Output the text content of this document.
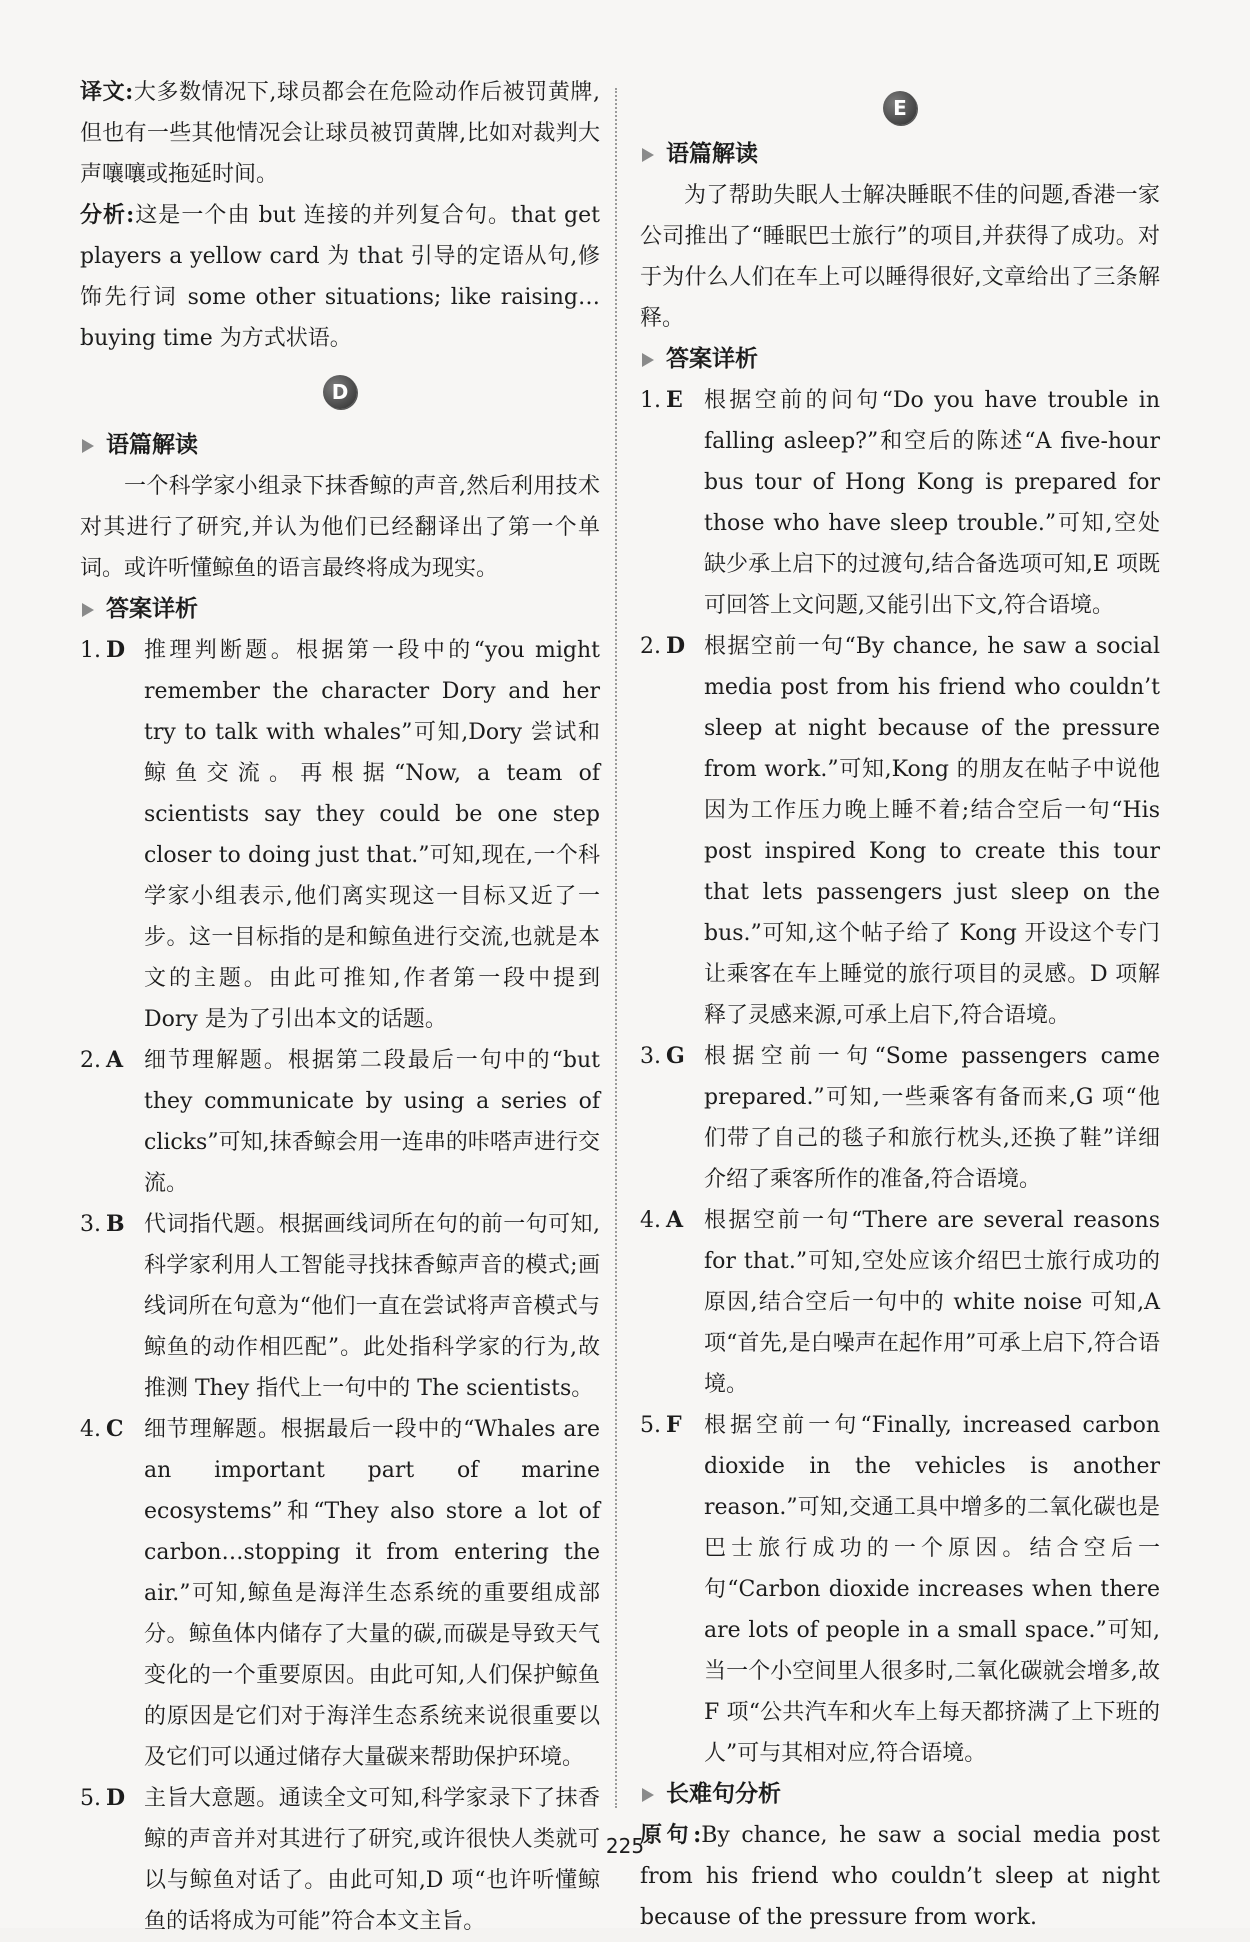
译文:大多数情况下,球员都会在危险动作后被罚黄牌,但也有一些其他情况会让球员被罚黄牌,比如对裁判大声嚷嚷或拖延时间。

分析:这是一个由 but 连接的并列复合句。that get players a yellow card 为 that 引导的定语从句,修饰先行词 some other situations; like raising… buying time 为方式状语。

D

语篇解读

一个科学家小组录下抹香鲸的声音,然后利用技术对其进行了研究,并认为他们已经翻译出了第一个单词。或许听懂鲸鱼的语言最终将成为现实。

答案详析

1. D 推理判断题。根据第一段中的“you might remember the character Dory and her try to talk with whales”可知,Dory 尝试和鲸鱼交流。再根据“Now, a team of scientists say they could be one step closer to doing just that.”可知,现在,一个科学家小组表示,他们离实现这一目标又近了一步。这一目标指的是和鲸鱼进行交流,也就是本文的主题。由此可推知,作者第一段中提到 Dory 是为了引出本文的话题。
2. A 细节理解题。根据第二段最后一句中的“but they communicate by using a series of clicks”可知,抹香鲸会用一连串的咔嗒声进行交流。
3. B 代词指代题。根据画线词所在句的前一句可知,科学家利用人工智能寻找抹香鲸声音的模式;画线词所在句意为“他们一直在尝试将声音模式与鲸鱼的动作相匹配”。此处指科学家的行为,故推测 They 指代上一句中的 The scientists。
4. C 细节理解题。根据最后一段中的“Whales are an important part of marine ecosystems”和“They also store a lot of carbon…stopping it from entering the air.”可知,鲸鱼是海洋生态系统的重要组成部分。鲸鱼体内储存了大量的碳,而碳是导致天气变化的一个重要原因。由此可知,人们保护鲸鱼的原因是它们对于海洋生态系统来说很重要以及它们可以通过储存大量碳来帮助保护环境。
5. D 主旨大意题。通读全文可知,科学家录下了抹香鲸的声音并对其进行了研究,或许很快人类就可以与鲸鱼对话了。由此可知,D 项“也许听懂鲸鱼的话将成为可能”符合本文主旨。
E

语篇解读

为了帮助失眠人士解决睡眠不佳的问题,香港一家公司推出了“睡眠巴士旅行”的项目,并获得了成功。对于为什么人们在车上可以睡得很好,文章给出了三条解释。

答案详析

1. E 根据空前的问句“Do you have trouble in falling asleep?”和空后的陈述“A five-hour bus tour of Hong Kong is prepared for those who have sleep trouble.”可知,空处缺少承上启下的过渡句,结合备选项可知,E 项既可回答上文问题,又能引出下文,符合语境。
2. D 根据空前一句“By chance, he saw a social media post from his friend who couldn’t sleep at night because of the pressure from work.”可知,Kong 的朋友在帖子中说他因为工作压力晚上睡不着;结合空后一句“His post inspired Kong to create this tour that lets passengers just sleep on the bus.”可知,这个帖子给了 Kong 开设这个专门让乘客在车上睡觉的旅行项目的灵感。D 项解释了灵感来源,可承上启下,符合语境。
3. G 根据空前一句“Some passengers came prepared.”可知,一些乘客有备而来,G 项“他们带了自己的毯子和旅行枕头,还换了鞋”详细介绍了乘客所作的准备,符合语境。
4. A 根据空前一句“There are several reasons for that.”可知,空处应该介绍巴士旅行成功的原因,结合空后一句中的 white noise 可知,A 项“首先,是白噪声在起作用”可承上启下,符合语境。
5. F	根据空前一句“Finally, increased carbon dioxide in the vehicles is another reason.”可知,交通工具中增多的二氧化碳也是巴士旅行成功的一个原因。结合空后一句“Carbon dioxide increases when there are lots of people in a small space.”可知,当一个小空间里人很多时,二氧化碳就会增多,故 F 项“公共汽车和火车上每天都挤满了上下班的人”可与其相对应,符合语境。

长难句分析

原句:By chance, he saw a social media post from his friend who couldn’t sleep at night because of the pressure from work.

225
